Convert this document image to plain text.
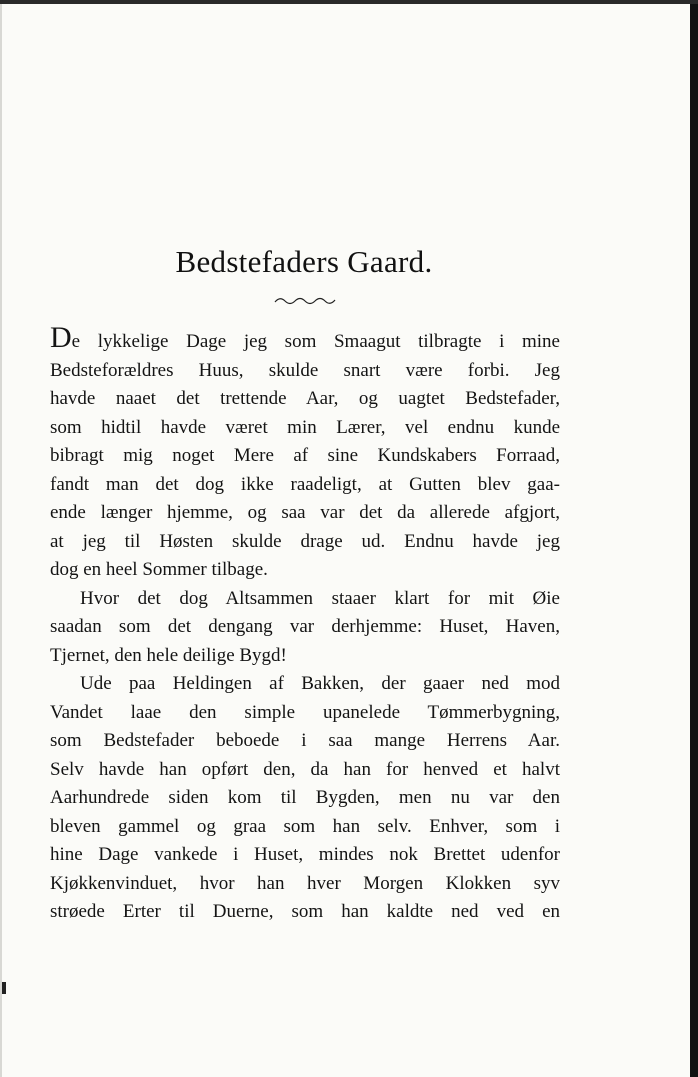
Bedstefaders Gaard.

De lykkelige Dage jeg som Smaagut tilbragte i mine
Bedsteforældres Huus, skulde snart være forbi. Jeg
havde naaet det trettende Aar, og uagtet Bedstefader,
som hidtil havde været min Lærer, vel endnu kunde
bibragt mig noget Mere af sine Kundskabers Forraad,
fandt man det dog ikke raadeligt, at Gutten blev gaa-
ende længer hjemme, og saa var det da allerede afgjort,
at jeg til Høsten skulde drage ud. Endnu havde jeg
dog en heel Sommer tilbage.

Hvor det dog Altsammen staaer klart for mit Øie
saadan som det dengang var derhjemme: Huset, Haven,
Tjernet, den hele deilige Bygd!

Ude paa Heldingen af Bakken, der gaaer ned mod
Vandet laae den simple upanelede Tømmerbygning,
som Bedstefader beboede i saa mange Herrens Aar.
Selv havde han opført den, da han for henved et halvt
Aarhundrede siden kom til Bygden, men nu var den
bleven gammel og graa som han selv. Enhver, som i
hine Dage vankede i Huset, mindes nok Brettet udenfor
Kjøkkenvinduet, hvor han hver Morgen Klokken syv
strøede Erter til Duerne, som han kaldte ned ved en
